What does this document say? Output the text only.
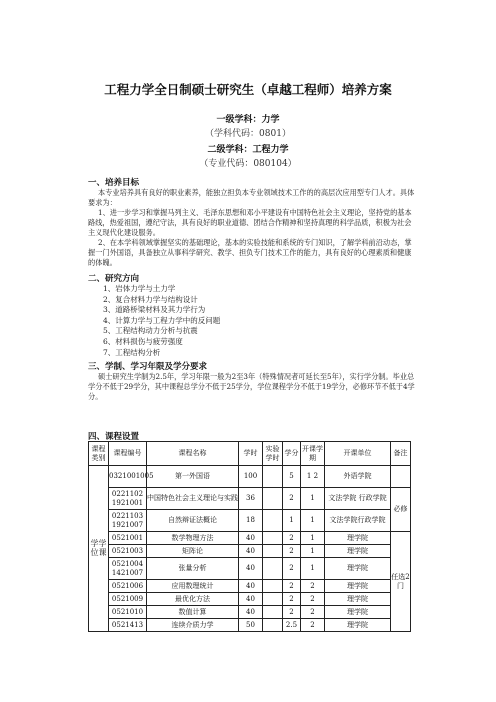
工程力学全日制硕士研究生（卓越工程师）培养方案
一级学科：力学
（学科代码：0801）
二级学科：工程力学
（专业代码：080104）
一、培养目标

本专业培养具有良好的职业素养，能独立担负本专业领域技术工作的的高层次应用型专门人才。具体要求为：

1、进一步学习和掌握马列主义、毛泽东思想和邓小平建设有中国特色社会主义理论，坚持党的基本路线，热爱祖国，遵纪守法，具有良好的职业道德、团结合作精神和坚持真理的科学品质，积极为社会主义现代化建设服务。

2、在本学科领域掌握坚实的基础理论，基本的实验技能和系统的专门知识，了解学科前沿动态，掌握一门外国语，具备独立从事科学研究、教学、担负专门技术工作的能力，具有良好的心理素质和健康的体魄。

二、研究方向
1、岩体力学与土力学
2、复合材料力学与结构设计
3、道路桥梁材料及其力学行为
4、计算力学与工程力学中的反问题
5、工程结构动力分析与抗震
6、材料损伤与疲劳强度
7、工程结构分析
三、学制、学习年限及学分要求

硕士研究生学制为2.5年，学习年限一般为2至3年（特殊情况者可延长至5年），实行学分制。毕业总学分不低于29学分，其中课程总学分不低于25学分，学位课程学分不低于19学分，必修环节不低于4学分。

四、课程设置
课程类别	课程编号	课程名称	学时	实验学时	学分	开课学期	开课单位	备注
学学位课	0321001005	第一外国语	100		5	1 2	外语学院	
	0221102 1921001	中国特色社会主义理论与实践	36		2	1	文法学院 行政学院	必修
	0221103 1921007	自然辩证法概论	18		1	1	文法学院行政学院	
	0521001	数学物理方法	40		2	1	理学院	任选2门
	0521003	矩阵论	40		2	1	理学院	
	0521004 1421007	张量分析	40		2	1	理学院	
	0521006	应用数理统计	40		2	2	理学院	
	0521009	最优化方法	40		2	2	理学院	
	0521010	数值计算	40		2	2	理学院	
	0521413	连续介质力学	50		2.5	2	理学院	
